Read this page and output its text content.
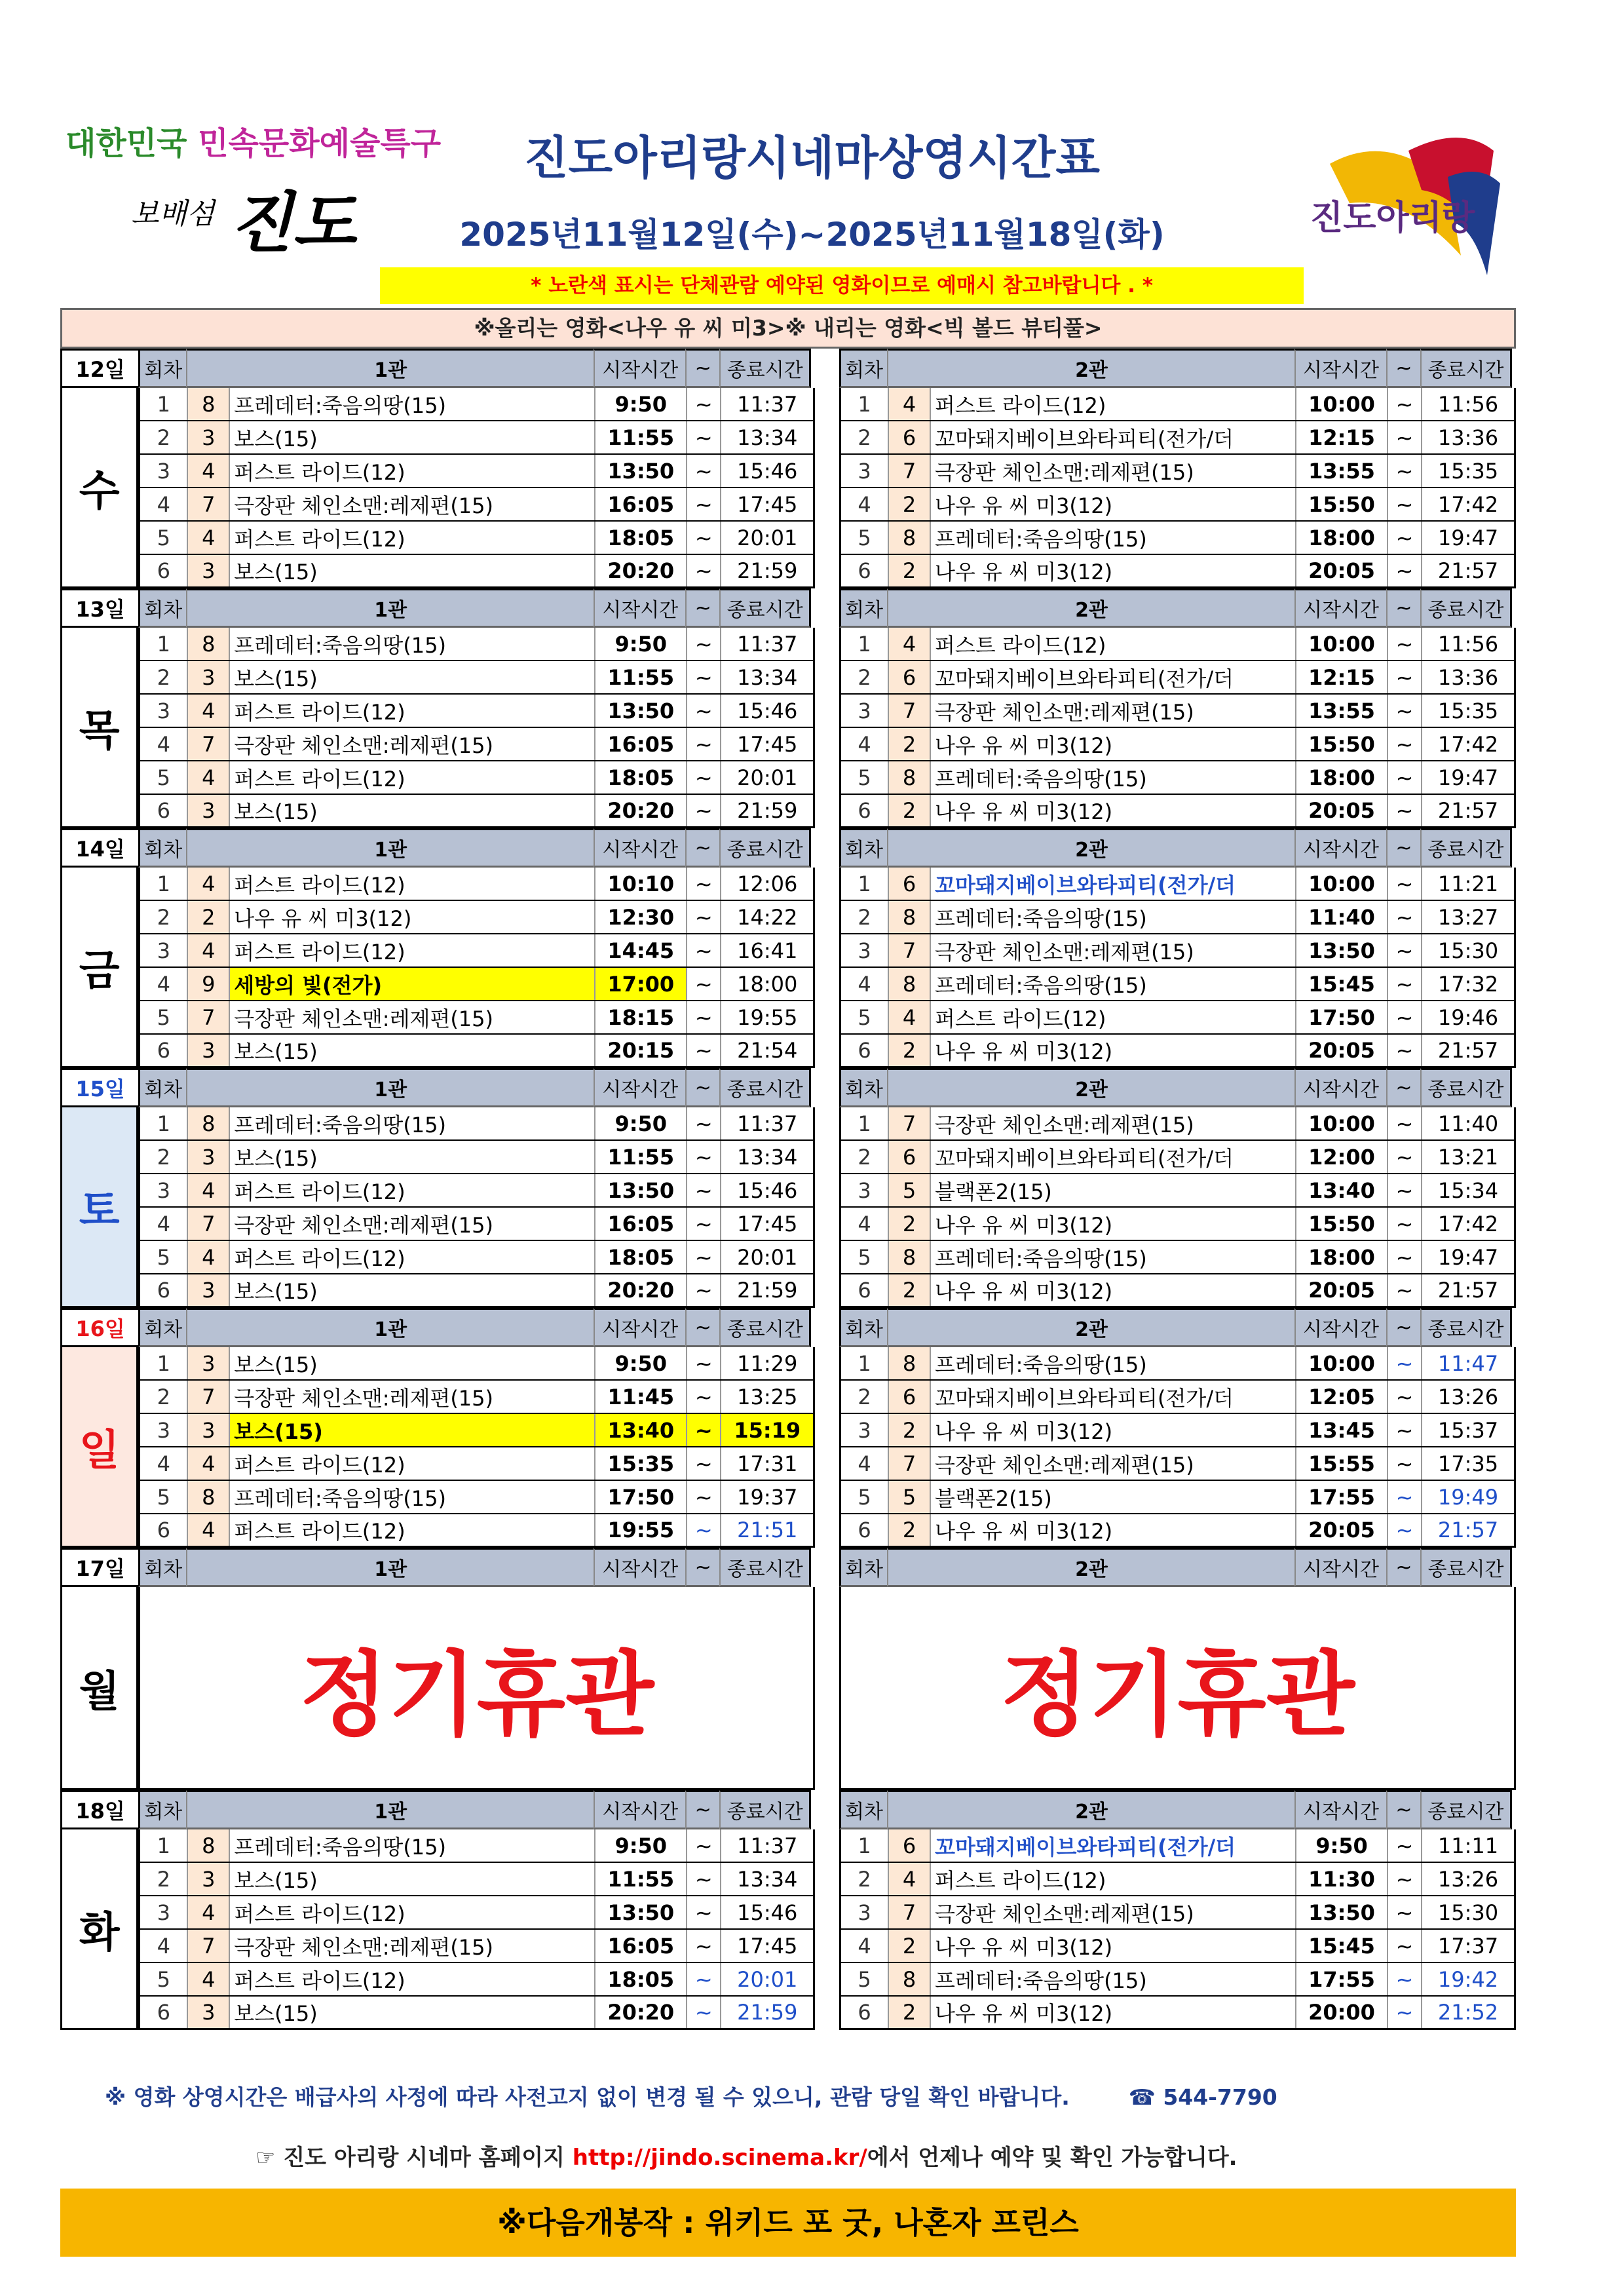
대한민국 민속문화예술특구
보배섬 진도
진도아리랑시네마상영시간표
2025년11월12일(수)~2025년11월18일(화)
* 노란색 표시는 단체관람 예약된 영화이므로 예매시 참고바랍니다 . *
진도아리랑
※올리는 영화<나우 유 씨 미3>※ 내리는 영화<빅 볼드 뷰티풀>
12일 회차	1관	시작시간 ~ 종료시간	회차	2관	시작시간 ~ 종료시간
수
1	8 프레데터:죽음의땅(15)	9:50	~	11:37
2	3 보스(15)	11:55 ~	13:34
3	4 퍼스트 라이드(12)	13:50 ~	15:46
4	7 극장판 체인소맨:레제편(15)	16:05 ~	17:45
5	4 퍼스트 라이드(12)	18:05 ~	20:01
6	3 보스(15)	20:20 ~	21:59
1	4 퍼스트 라이드(12)	10:00 ~	11:56
2	6 꼬마돼지베이브와타피티(전가/더	12:15 ~	13:36
3	7 극장판 체인소맨:레제편(15)	13:55 ~	15:35
4	2 나우 유 씨 미3(12)	15:50 ~	17:42
5	8 프레데터:죽음의땅(15)	18:00 ~	19:47
6	2 나우 유 씨 미3(12)	20:05 ~	21:57
13일 회차	1관	시작시간 ~ 종료시간	회차	2관	시작시간 ~ 종료시간
목
1	8 프레데터:죽음의땅(15)	9:50	~	11:37
2	3 보스(15)	11:55 ~	13:34
3	4 퍼스트 라이드(12)	13:50 ~	15:46
4	7 극장판 체인소맨:레제편(15)	16:05 ~	17:45
5	4 퍼스트 라이드(12)	18:05 ~	20:01
6	3 보스(15)	20:20 ~	21:59
1	4 퍼스트 라이드(12)	10:00 ~	11:56
2	6 꼬마돼지베이브와타피티(전가/더	12:15 ~	13:36
3	7 극장판 체인소맨:레제편(15)	13:55 ~	15:35
4	2 나우 유 씨 미3(12)	15:50 ~	17:42
5	8 프레데터:죽음의땅(15)	18:00 ~	19:47
6	2 나우 유 씨 미3(12)	20:05 ~	21:57
14일 회차	1관	시작시간 ~ 종료시간	회차	2관	시작시간 ~ 종료시간
금
1	4 퍼스트 라이드(12)	10:10 ~	12:06
2	2 나우 유 씨 미3(12)	12:30 ~	14:22
3	4 퍼스트 라이드(12)	14:45 ~	16:41
4	9 세방의 빛(전가)	17:00 ~	18:00
5	7 극장판 체인소맨:레제편(15)	18:15 ~	19:55
6	3 보스(15)	20:15 ~	21:54
1	6 꼬마돼지베이브와타피티(전가/더	10:00 ~	11:21
2	8 프레데터:죽음의땅(15)	11:40 ~	13:27
3	7 극장판 체인소맨:레제편(15)	13:50 ~	15:30
4	8 프레데터:죽음의땅(15)	15:45 ~	17:32
5	4 퍼스트 라이드(12)	17:50 ~	19:46
6	2 나우 유 씨 미3(12)	20:05 ~	21:57
15일 회차	1관	시작시간 ~ 종료시간	회차	2관	시작시간 ~ 종료시간
토
1	8 프레데터:죽음의땅(15)	9:50	~	11:37
2	3 보스(15)	11:55 ~	13:34
3	4 퍼스트 라이드(12)	13:50 ~	15:46
4	7 극장판 체인소맨:레제편(15)	16:05 ~	17:45
5	4 퍼스트 라이드(12)	18:05 ~	20:01
6	3 보스(15)	20:20 ~	21:59
1	7 극장판 체인소맨:레제편(15)	10:00 ~	11:40
2	6 꼬마돼지베이브와타피티(전가/더	12:00 ~	13:21
3	5 블랙폰2(15)	13:40 ~	15:34
4	2 나우 유 씨 미3(12)	15:50 ~	17:42
5	8 프레데터:죽음의땅(15)	18:00 ~	19:47
6	2 나우 유 씨 미3(12)	20:05 ~	21:57
16일 회차	1관	시작시간 ~ 종료시간	회차	2관	시작시간 ~ 종료시간
일
1	3 보스(15)	9:50	~	11:29
2	7 극장판 체인소맨:레제편(15)	11:45 ~	13:25
3	3 보스(15)	13:40 ~	15:19
4	4 퍼스트 라이드(12)	15:35 ~	17:31
5	8 프레데터:죽음의땅(15)	17:50 ~	19:37
6	4 퍼스트 라이드(12)	19:55 ~	21:51
1	8 프레데터:죽음의땅(15)	10:00 ~	11:47
2	6 꼬마돼지베이브와타피티(전가/더	12:05 ~	13:26
3	2 나우 유 씨 미3(12)	13:45 ~	15:37
4	7 극장판 체인소맨:레제편(15)	15:55 ~	17:35
5	5 블랙폰2(15)	17:55 ~	19:49
6	2 나우 유 씨 미3(12)	20:05 ~	21:57
17일 회차	1관	시작시간 ~ 종료시간	회차	2관	시작시간 ~ 종료시간
월	정기휴관	정기휴관
18일 회차	1관	시작시간 ~ 종료시간	회차	2관	시작시간 ~ 종료시간
화
1	8 프레데터:죽음의땅(15)	9:50	~	11:37
2	3 보스(15)	11:55 ~	13:34
3	4 퍼스트 라이드(12)	13:50 ~	15:46
4	7 극장판 체인소맨:레제편(15)	16:05 ~	17:45
5	4 퍼스트 라이드(12)	18:05 ~	20:01
6	3 보스(15)	20:20 ~	21:59
1	6 꼬마돼지베이브와타피티(전가/더	9:50	~	11:11
2	4 퍼스트 라이드(12)	11:30 ~	13:26
3	7 극장판 체인소맨:레제편(15)	13:50 ~	15:30
4	2 나우 유 씨 미3(12)	15:45 ~	17:37
5	8 프레데터:죽음의땅(15)	17:55 ~	19:42
6	2 나우 유 씨 미3(12)	20:00 ~	21:52
※ 영화 상영시간은 배급사의 사정에 따라 사전고지 없이 변경 될 수 있으니, 관람 당일 확인 바랍니다.	☎ 544-7790
☞ 진도 아리랑 시네마 홈페이지 http://jindo.scinema.kr/에서 언제나 예약 및 확인 가능합니다.
※다음개봉작 : 위키드 포 굿, 나혼자 프린스
